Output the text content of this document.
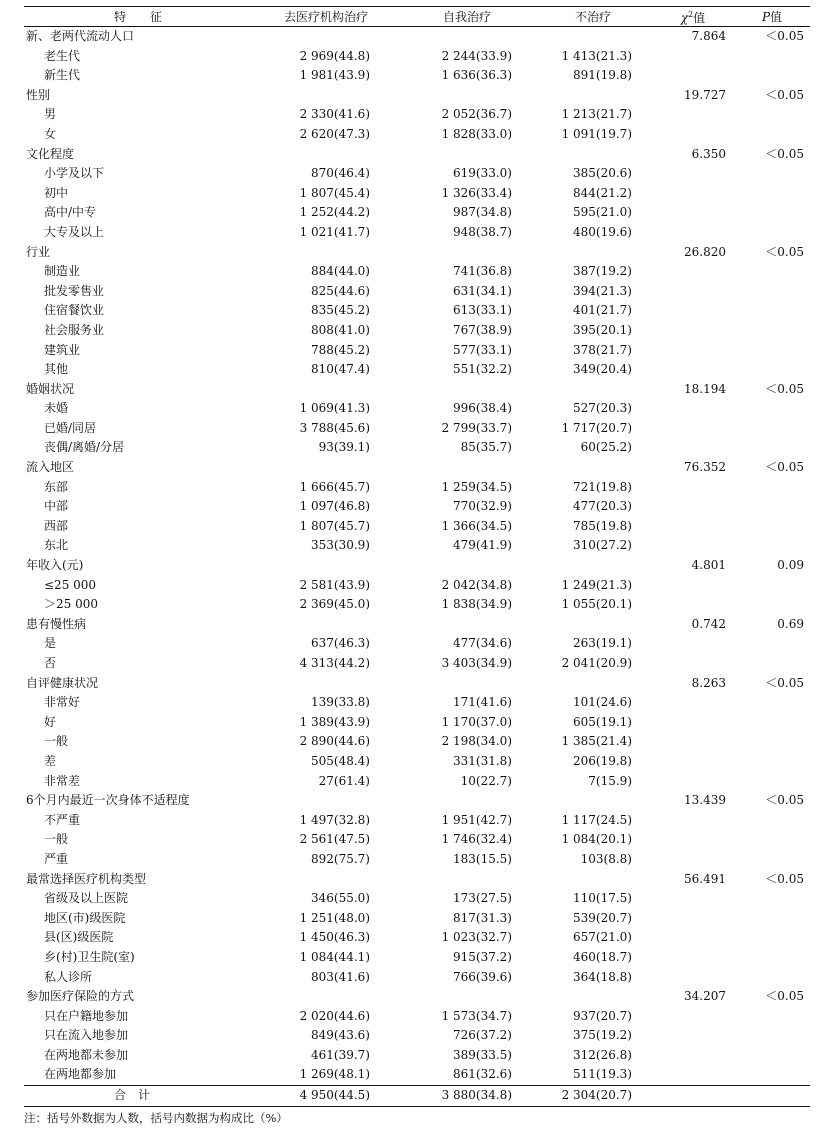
特　　征	去医疗机构治疗	自我治疗	不治疗	$\chi^2$值	P值
新、老两代流动人口				7.864	＜0.05
老生代	2 969(44.8)	2 244(33.9)	1 413(21.3)		
新生代	1 981(43.9)	1 636(36.3)	891(19.8)		
性别				19.727	＜0.05
男	2 330(41.6)	2 052(36.7)	1 213(21.7)		
女	2 620(47.3)	1 828(33.0)	1 091(19.7)		
文化程度				6.350	＜0.05
小学及以下	870(46.4)	619(33.0)	385(20.6)		
初中	1 807(45.4)	1 326(33.4)	844(21.2)		
高中/中专	1 252(44.2)	987(34.8)	595(21.0)		
大专及以上	1 021(41.7)	948(38.7)	480(19.6)		
行业				26.820	＜0.05
制造业	884(44.0)	741(36.8)	387(19.2)		
批发零售业	825(44.6)	631(34.1)	394(21.3)		
住宿餐饮业	835(45.2)	613(33.1)	401(21.7)		
社会服务业	808(41.0)	767(38.9)	395(20.1)		
建筑业	788(45.2)	577(33.1)	378(21.7)		
其他	810(47.4)	551(32.2)	349(20.4)		
婚姻状况				18.194	＜0.05
未婚	1 069(41.3)	996(38.4)	527(20.3)		
已婚/同居	3 788(45.6)	2 799(33.7)	1 717(20.7)		
丧偶/离婚/分居	93(39.1)	85(35.7)	60(25.2)		
流入地区				76.352	＜0.05
东部	1 666(45.7)	1 259(34.5)	721(19.8)		
中部	1 097(46.8)	770(32.9)	477(20.3)		
西部	1 807(45.7)	1 366(34.5)	785(19.8)		
东北	353(30.9)	479(41.9)	310(27.2)		
年收入(元)				4.801	0.09
≤25 000	2 581(43.9)	2 042(34.8)	1 249(21.3)		
＞25 000	2 369(45.0)	1 838(34.9)	1 055(20.1)		
患有慢性病				0.742	0.69
是	637(46.3)	477(34.6)	263(19.1)		
否	4 313(44.2)	3 403(34.9)	2 041(20.9)		
自评健康状况				8.263	＜0.05
非常好	139(33.8)	171(41.6)	101(24.6)		
好	1 389(43.9)	1 170(37.0)	605(19.1)		
一般	2 890(44.6)	2 198(34.0)	1 385(21.4)		
差	505(48.4)	331(31.8)	206(19.8)		
非常差	27(61.4)	10(22.7)	7(15.9)		
6个月内最近一次身体不适程度				13.439	＜0.05
不严重	1 497(32.8)	1 951(42.7)	1 117(24.5)		
一般	2 561(47.5)	1 746(32.4)	1 084(20.1)		
严重	892(75.7)	183(15.5)	103(8.8)		
最常选择医疗机构类型				56.491	＜0.05
省级及以上医院	346(55.0)	173(27.5)	110(17.5)		
地区(市)级医院	1 251(48.0)	817(31.3)	539(20.7)		
县(区)级医院	1 450(46.3)	1 023(32.7)	657(21.0)		
乡(村)卫生院(室)	1 084(44.1)	915(37.2)	460(18.7)		
私人诊所	803(41.6)	766(39.6)	364(18.8)		
参加医疗保险的方式				34.207	＜0.05
只在户籍地参加	2 020(44.6)	1 573(34.7)	937(20.7)		
只在流入地参加	849(43.6)	726(37.2)	375(19.2)		
在两地都未参加	461(39.7)	389(33.5)	312(26.8)		
在两地都参加	1 269(48.1)	861(32.6)	511(19.3)		
合计	4 950(44.5)	3 880(34.8)	2 304(20.7)		
注：括号外数据为人数，括号内数据为构成比（%）
